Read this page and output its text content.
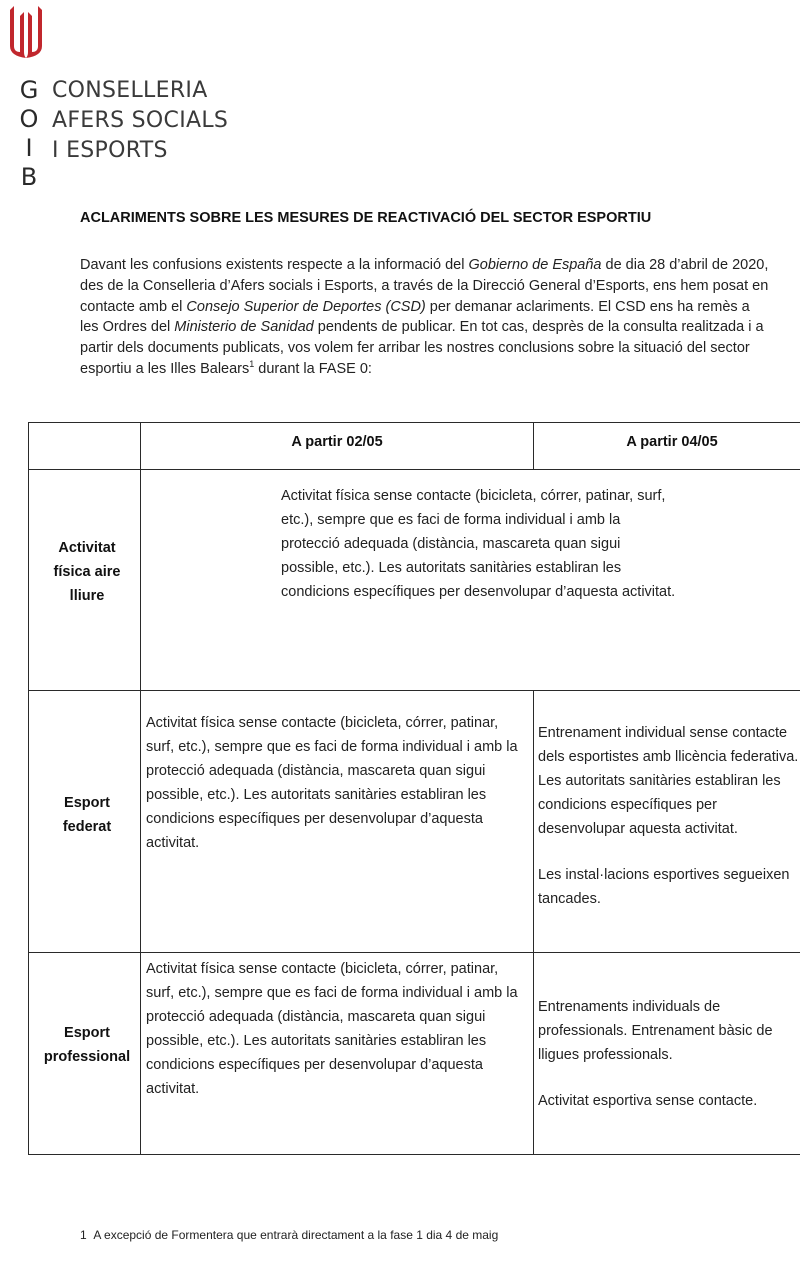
G
O
I
B
CONSELLERIA
AFERS SOCIALS
I ESPORTS
ACLARIMENTS SOBRE LES MESURES DE REACTIVACIÓ DEL SECTOR ESPORTIU
Davant les confusions existents respecte a la informació del Gobierno de España de dia 28 d’abril de 2020, des de la Conselleria d’Afers socials i Esports, a través de la Direcció General d’Esports, ens hem posat en contacte amb el Consejo Superior de Deportes (CSD) per demanar aclariments. El CSD ens ha remès a les Ordres del Ministerio de Sanidad pendents de publicar. En tot cas, desprès de la consulta realitzada i a partir dels documents publicats, vos volem fer arribar les nostres conclusions sobre la situació del sector esportiu a les Illes Balears$^1$ durant la FASE 0:
A partir 02/05	A partir 04/05
Activitat física aire lliure
Activitat física sense contacte (bicicleta, córrer, patinar, surf, etc.), sempre que es faci de forma individual i amb la protecció adequada (distància, mascareta quan sigui possible, etc.). Les autoritats sanitàries establiran les condicions específiques per desenvolupar d’aquesta activitat.
Esport federat
Activitat física sense contacte (bicicleta, córrer, patinar, surf, etc.), sempre que es faci de forma individual i amb la protecció adequada (distància, mascareta quan sigui possible, etc.). Les autoritats sanitàries establiran les condicions específiques per desenvolupar d’aquesta activitat.

Entrenament individual sense contacte dels esportistes amb llicència federativa. Les autoritats sanitàries establiran les condicions específiques per desenvolupar aquesta activitat.

Les instal·lacions esportives segueixen tancades.

Esport professional
Activitat física sense contacte (bicicleta, córrer, patinar, surf, etc.), sempre que es faci de forma individual i amb la protecció adequada (distància, mascareta quan sigui possible, etc.). Les autoritats sanitàries establiran les condicions específiques per desenvolupar d’aquesta activitat.

Entrenaments individuals de professionals. Entrenament bàsic de lligues professionals.

Activitat esportiva sense contacte.

1 A excepció de Formentera que entrarà directament a la fase 1 dia 4 de maig
